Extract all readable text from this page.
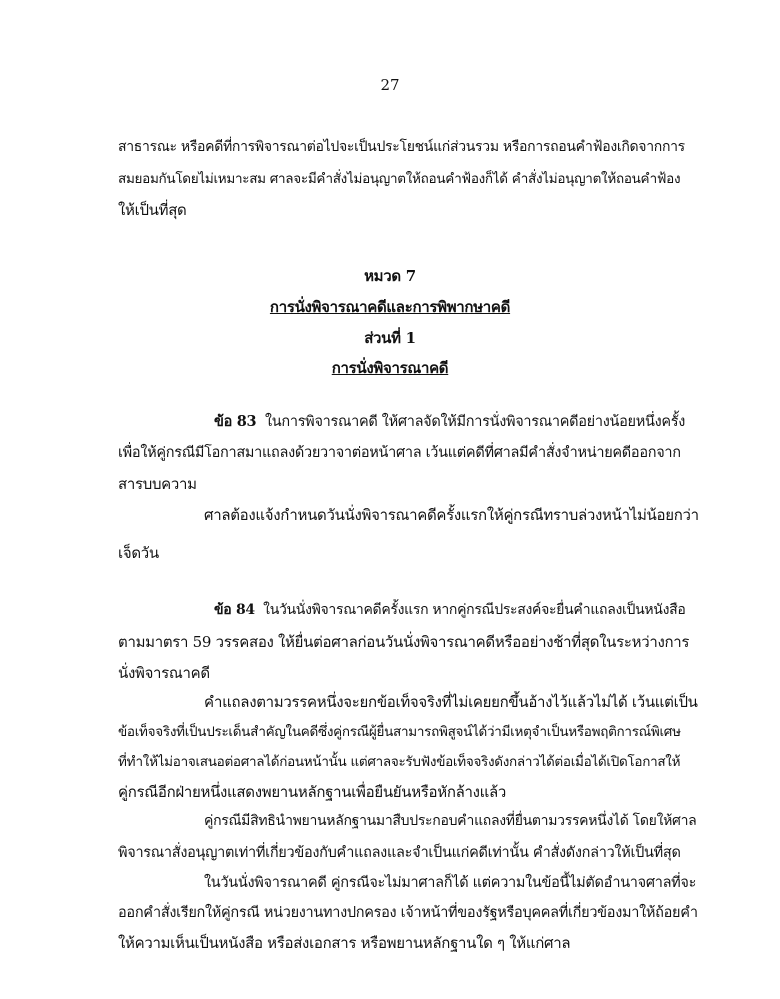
27
สาธารณะ หรือคดีที่การพิจารณาต่อไปจะเป็นประโยชน์แก่ส่วนรวม หรือการถอนคำฟ้องเกิดจากการ
สมยอมกันโดยไม่เหมาะสม ศาลจะมีคำสั่งไม่อนุญาตให้ถอนคำฟ้องก็ได้ คำสั่งไม่อนุญาตให้ถอนคำฟ้อง
ให้เป็นที่สุด
หมวด 7
การนั่งพิจารณาคดีและการพิพากษาคดี
ส่วนที่ 1
การนั่งพิจารณาคดี
ข้อ 83 ในการพิจารณาคดี ให้ศาลจัดให้มีการนั่งพิจารณาคดีอย่างน้อยหนึ่งครั้ง
เพื่อให้คู่กรณีมีโอกาสมาแถลงด้วยวาจาต่อหน้าศาล เว้นแต่คดีที่ศาลมีคำสั่งจำหน่ายคดีออกจาก
สารบบความ
ศาลต้องแจ้งกำหนดวันนั่งพิจารณาคดีครั้งแรกให้คู่กรณีทราบล่วงหน้าไม่น้อยกว่า
เจ็ดวัน
ข้อ 84 ในวันนั่งพิจารณาคดีครั้งแรก หากคู่กรณีประสงค์จะยื่นคำแถลงเป็นหนังสือ
ตามมาตรา 59 วรรคสอง ให้ยื่นต่อศาลก่อนวันนั่งพิจารณาคดีหรืออย่างช้าที่สุดในระหว่างการ
นั่งพิจารณาคดี
คำแถลงตามวรรคหนึ่งจะยกข้อเท็จจริงที่ไม่เคยยกขึ้นอ้างไว้แล้วไม่ได้ เว้นแต่เป็น
ข้อเท็จจริงที่เป็นประเด็นสำคัญในคดีซึ่งคู่กรณีผู้ยื่นสามารถพิสูจน์ได้ว่ามีเหตุจำเป็นหรือพฤติการณ์พิเศษ
ที่ทำให้ไม่อาจเสนอต่อศาลได้ก่อนหน้านั้น แต่ศาลจะรับฟังข้อเท็จจริงดังกล่าวได้ต่อเมื่อได้เปิดโอกาสให้
คู่กรณีอีกฝ่ายหนึ่งแสดงพยานหลักฐานเพื่อยืนยันหรือหักล้างแล้ว
คู่กรณีมีสิทธินำพยานหลักฐานมาสืบประกอบคำแถลงที่ยื่นตามวรรคหนึ่งได้ โดยให้ศาล
พิจารณาสั่งอนุญาตเท่าที่เกี่ยวข้องกับคำแถลงและจำเป็นแก่คดีเท่านั้น คำสั่งดังกล่าวให้เป็นที่สุด
ในวันนั่งพิจารณาคดี คู่กรณีจะไม่มาศาลก็ได้ แต่ความในข้อนี้ไม่ตัดอำนาจศาลที่จะ
ออกคำสั่งเรียกให้คู่กรณี หน่วยงานทางปกครอง เจ้าหน้าที่ของรัฐหรือบุคคลที่เกี่ยวข้องมาให้ถ้อยคำ
ให้ความเห็นเป็นหนังสือ หรือส่งเอกสาร หรือพยานหลักฐานใด ๆ ให้แก่ศาล
